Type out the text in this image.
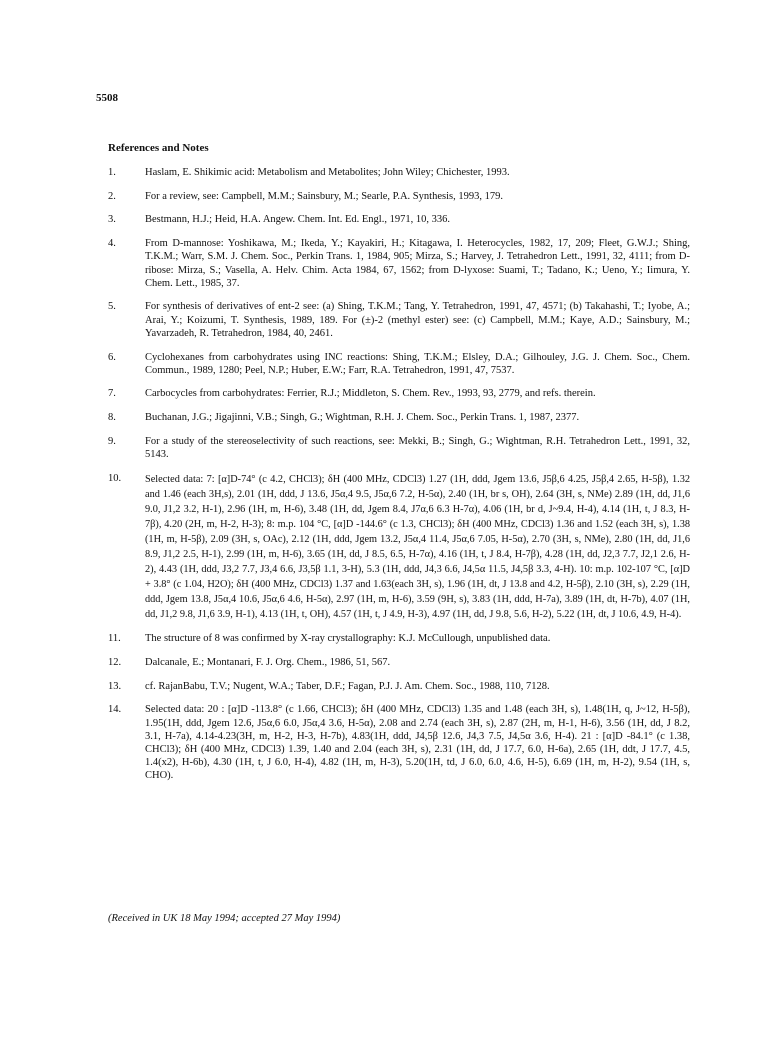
5508
References and Notes
1.	Haslam, E. Shikimic acid: Metabolism and Metabolites; John Wiley; Chichester, 1993.
2.	For a review, see: Campbell, M.M.; Sainsbury, M.; Searle, P.A. Synthesis, 1993, 179.
3.	Bestmann, H.J.; Heid, H.A. Angew. Chem. Int. Ed. Engl., 1971, 10, 336.
4.	From D-mannose: Yoshikawa, M.; Ikeda, Y.; Kayakiri, H.; Kitagawa, I. Heterocycles, 1982, 17, 209; Fleet, G.W.J.; Shing, T.K.M.; Warr, S.M. J. Chem. Soc., Perkin Trans. 1, 1984, 905; Mirza, S.; Harvey, J. Tetrahedron Lett., 1991, 32, 4111; from D-ribose: Mirza, S.; Vasella, A. Helv. Chim. Acta 1984, 67, 1562; from D-lyxose: Suami, T.; Tadano, K.; Ueno, Y.; Iimura, Y. Chem. Lett., 1985, 37.
5.	For synthesis of derivatives of ent-2 see: (a) Shing, T.K.M.; Tang, Y. Tetrahedron, 1991, 47, 4571; (b) Takahashi, T.; Iyobe, A.; Arai, Y.; Koizumi, T. Synthesis, 1989, 189. For (±)-2 (methyl ester) see: (c) Campbell, M.M.; Kaye, A.D.; Sainsbury, M.; Yavarzadeh, R. Tetrahedron, 1984, 40, 2461.
6.	Cyclohexanes from carbohydrates using INC reactions: Shing, T.K.M.; Elsley, D.A.; Gilhouley, J.G. J. Chem. Soc., Chem. Commun., 1989, 1280; Peel, N.P.; Huber, E.W.; Farr, R.A. Tetrahedron, 1991, 47, 7537.
7.	Carbocycles from carbohydrates: Ferrier, R.J.; Middleton, S. Chem. Rev., 1993, 93, 2779, and refs. therein.
8.	Buchanan, J.G.; Jigajinni, V.B.; Singh, G.; Wightman, R.H. J. Chem. Soc., Perkin Trans. 1, 1987, 2377.
9.	For a study of the stereoselectivity of such reactions, see: Mekki, B.; Singh, G.; Wightman, R.H. Tetrahedron Lett., 1991, 32, 5143.
10.	Selected data: 7: [α]D-74° (c 4.2, CHCl3); δH (400 MHz, CDCl3) 1.27 (1H, ddd, Jgem 13.6, J5β,6 4.25, J5β,4 2.65, H-5β), 1.32 and 1.46 (each 3H,s), 2.01 (1H, ddd, J 13.6, J5α,4 9.5, J5α,6 7.2, H-5α), 2.40 (1H, br s, OH), 2.64 (3H, s, NMe) 2.89 (1H, dd, J1,6 9.0, J1,2 3.2, H-1), 2.96 (1H, m, H-6), 3.48 (1H, dd, Jgem 8.4, J7α,6 6.3 H-7α), 4.06 (1H, br d, J~9.4, H-4), 4.14 (1H, t, J 8.3, H-7β), 4.20 (2H, m, H-2, H-3); 8: m.p. 104 °C, [α]D -144.6° (c 1.3, CHCl3); δH (400 MHz, CDCl3) 1.36 and 1.52 (each 3H, s), 1.38 (1H, m, H-5β), 2.09 (3H, s, OAc), 2.12 (1H, ddd, Jgem 13.2, J5α,4 11.4, J5α,6 7.05, H-5α), 2.70 (3H, s, NMe), 2.80 (1H, dd, J1,6 8.9, J1,2 2.5, H-1), 2.99 (1H, m, H-6), 3.65 (1H, dd, J 8.5, 6.5, H-7α), 4.16 (1H, t, J 8.4, H-7β), 4.28 (1H, dd, J2,3 7.7, J2,1 2.6, H-2), 4.43 (1H, ddd, J3,2 7.7, J3,4 6.6, J3,5β 1.1, 3-H), 5.3 (1H, ddd, J4,3 6.6, J4,5α 11.5, J4,5β 3.3, 4-H). 10: m.p. 102-107 °C, [α]D + 3.8° (c 1.04, H2O); δH (400 MHz, CDCl3) 1.37 and 1.63(each 3H, s), 1.96 (1H, dt, J 13.8 and 4.2, H-5β), 2.10 (3H, s), 2.29 (1H, ddd, Jgem 13.8, J5α,4 10.6, J5α,6 4.6, H-5α), 2.97 (1H, m, H-6), 3.59 (9H, s), 3.83 (1H, ddd, H-7a), 3.89 (1H, dt, H-7b), 4.07 (1H, dd, J1,2 9.8, J1,6 3.9, H-1), 4.13 (1H, t, OH), 4.57 (1H, t, J 4.9, H-3), 4.97 (1H, dd, J 9.8, 5.6, H-2), 5.22 (1H, dt, J 10.6, 4.9, H-4).
11.	The structure of 8 was confirmed by X-ray crystallography: K.J. McCullough, unpublished data.
12.	Dalcanale, E.; Montanari, F. J. Org. Chem., 1986, 51, 567.
13.	cf. RajanBabu, T.V.; Nugent, W.A.; Taber, D.F.; Fagan, P.J. J. Am. Chem. Soc., 1988, 110, 7128.
14.	Selected data: 20 : [α]D -113.8° (c 1.66, CHCl3); δH (400 MHz, CDCl3) 1.35 and 1.48 (each 3H, s), 1.48(1H, q, J~12, H-5β), 1.95(1H, ddd, Jgem 12.6, J5α,6 6.0, J5α,4 3.6, H-5α), 2.08 and 2.74 (each 3H, s), 2.87 (2H, m, H-1, H-6), 3.56 (1H, dd, J 8.2, 3.1, H-7a), 4.14-4.23(3H, m, H-2, H-3, H-7b), 4.83(1H, ddd, J4,5β 12.6, J4,3 7.5, J4,5α 3.6, H-4). 21 : [α]D -84.1° (c 1.38, CHCl3); δH (400 MHz, CDCl3) 1.39, 1.40 and 2.04 (each 3H, s), 2.31 (1H, dd, J 17.7, 6.0, H-6a), 2.65 (1H, ddt, J 17.7, 4.5, 1.4(x2), H-6b), 4.30 (1H, t, J 6.0, H-4), 4.82 (1H, m, H-3), 5.20(1H, td, J 6.0, 6.0, 4.6, H-5), 6.69 (1H, m, H-2), 9.54 (1H, s, CHO).
(Received in UK 18 May 1994; accepted 27 May 1994)
